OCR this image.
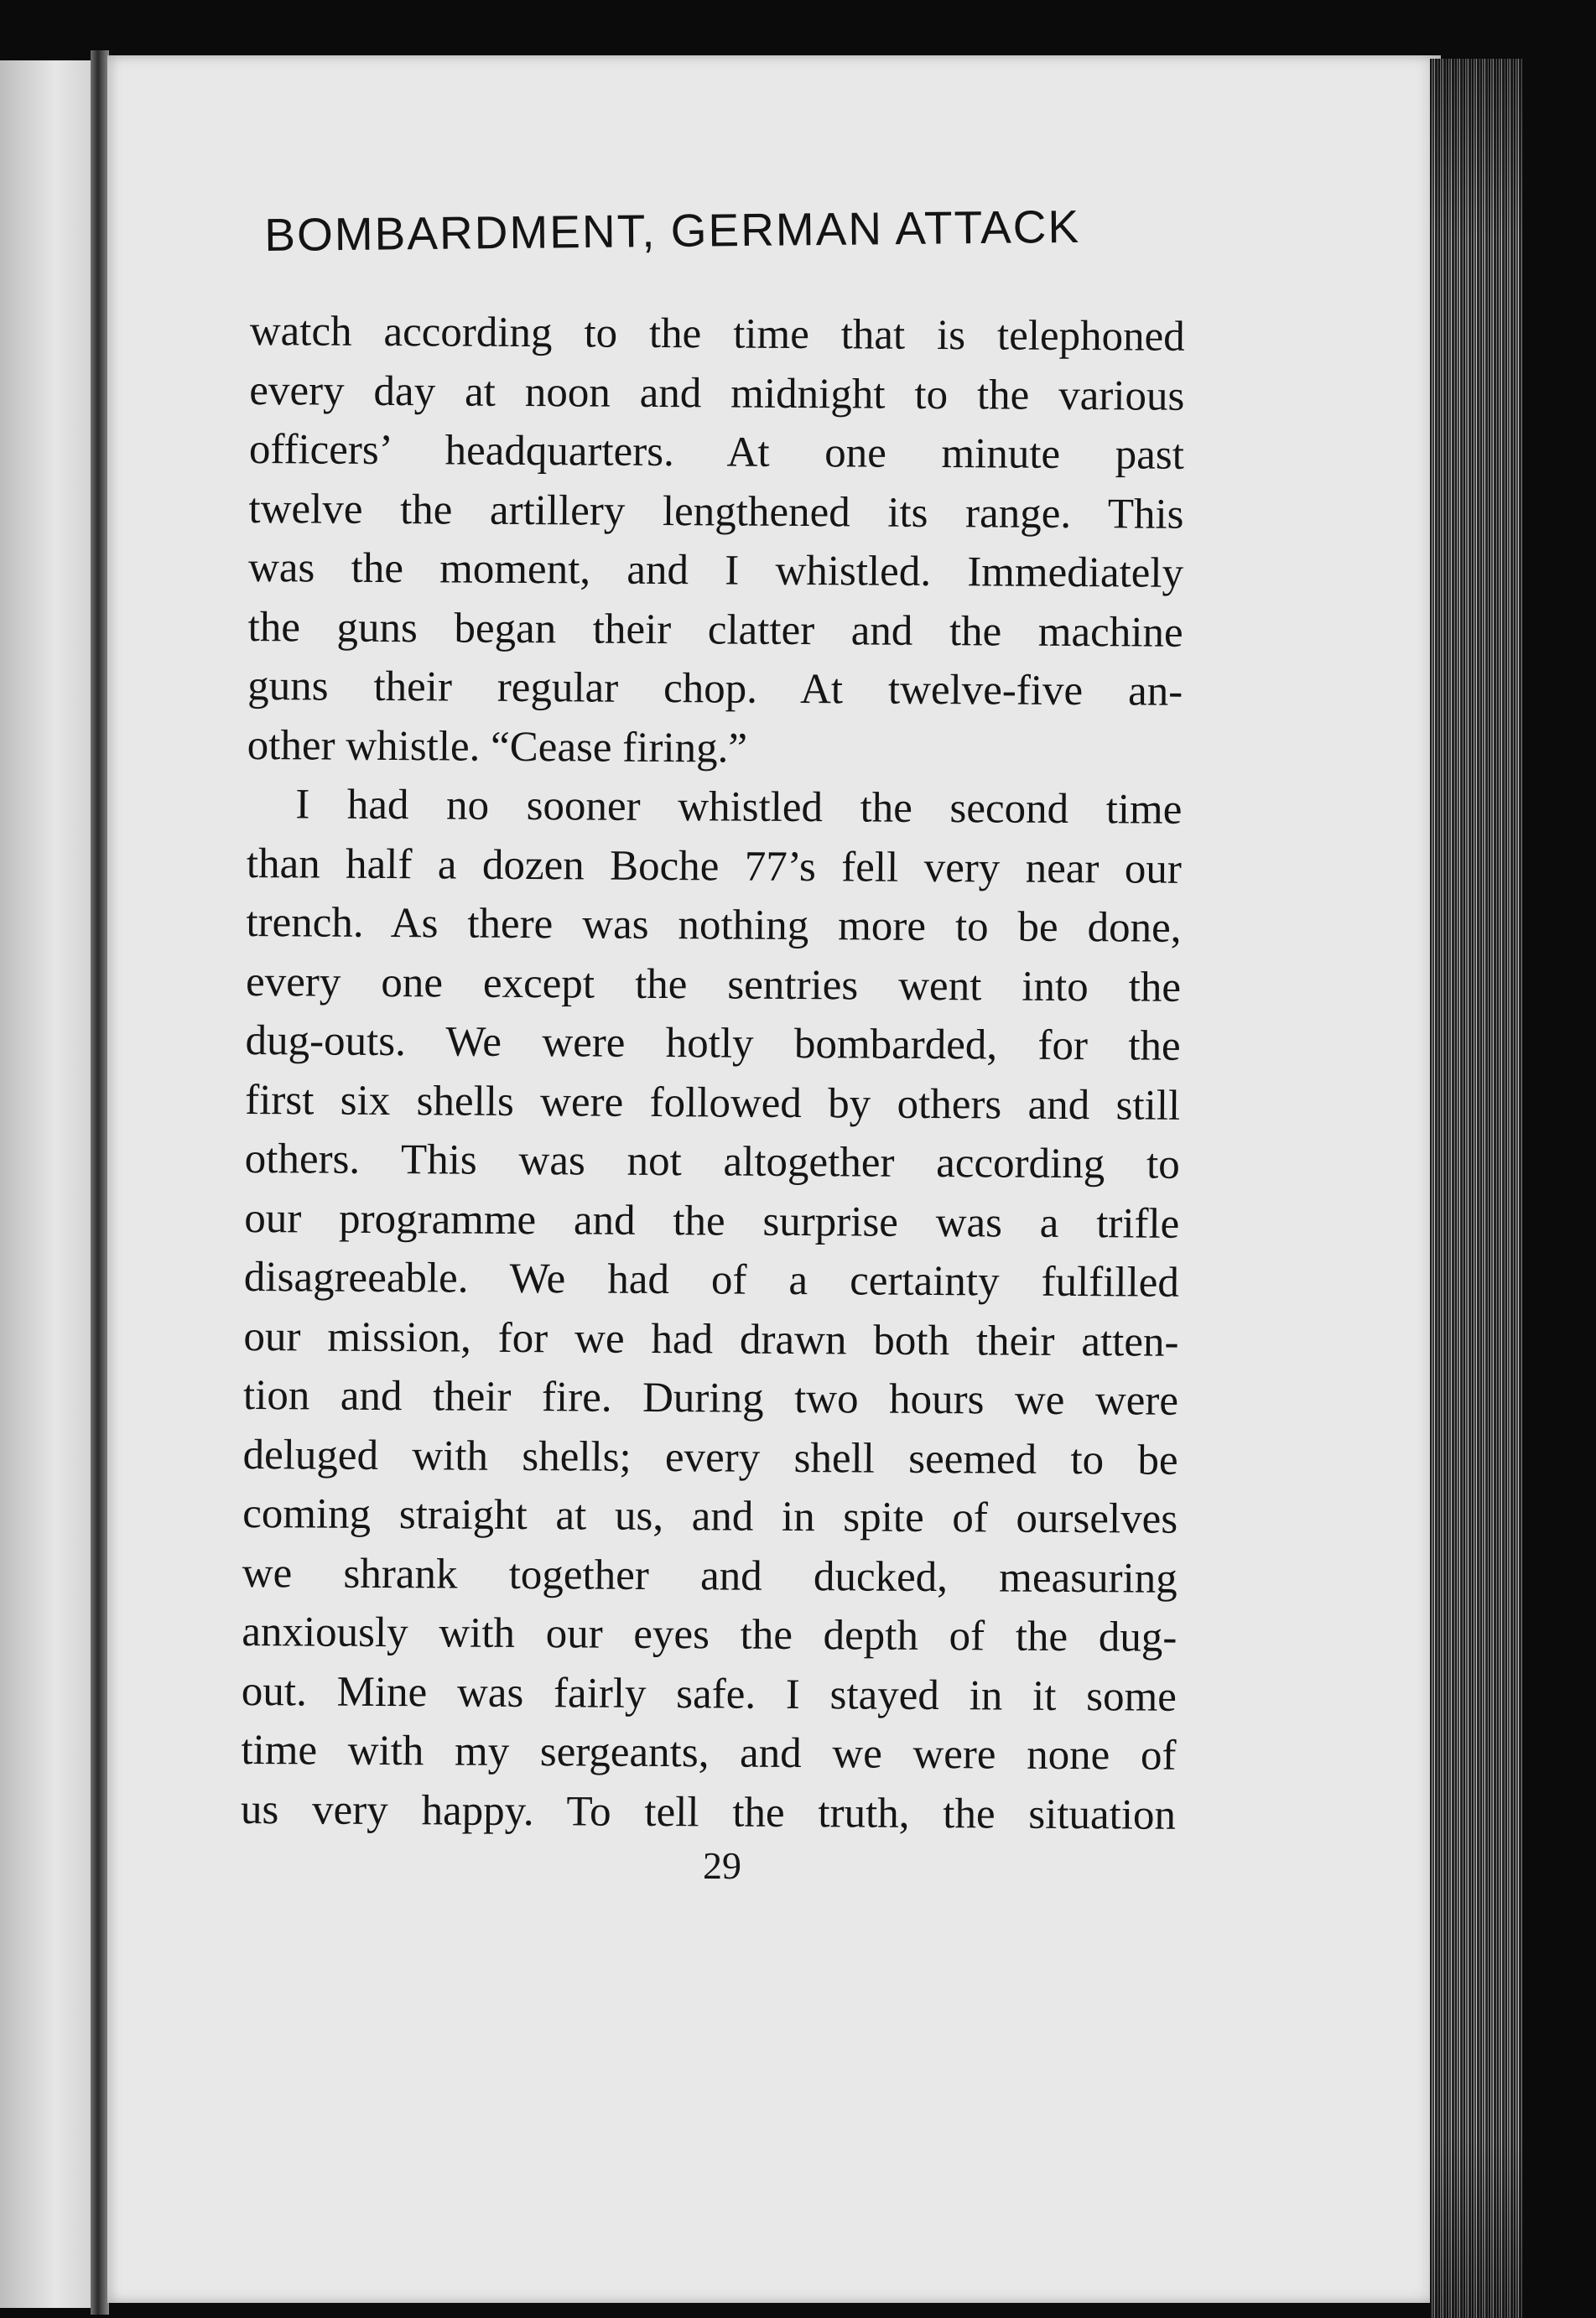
BOMBARDMENT, GERMAN ATTACK
watch according to the time that is telephoned
every day at noon and midnight to the various
officers’ headquarters. At one minute past
twelve the artillery lengthened its range. This
was the moment, and I whistled. Immediately
the guns began their clatter and the machine
guns their regular chop. At twelve-five an-
other whistle. “Cease firing.”
I had no sooner whistled the second time
than half a dozen Boche 77’s fell very near our
trench. As there was nothing more to be done,
every one except the sentries went into the
dug-outs. We were hotly bombarded, for the
first six shells were followed by others and still
others. This was not altogether according to
our programme and the surprise was a trifle
disagreeable. We had of a certainty fulfilled
our mission, for we had drawn both their atten-
tion and their fire. During two hours we were
deluged with shells; every shell seemed to be
coming straight at us, and in spite of ourselves
we shrank together and ducked, measuring
anxiously with our eyes the depth of the dug-
out. Mine was fairly safe. I stayed in it some
time with my sergeants, and we were none of
us very happy. To tell the truth, the situation
29
